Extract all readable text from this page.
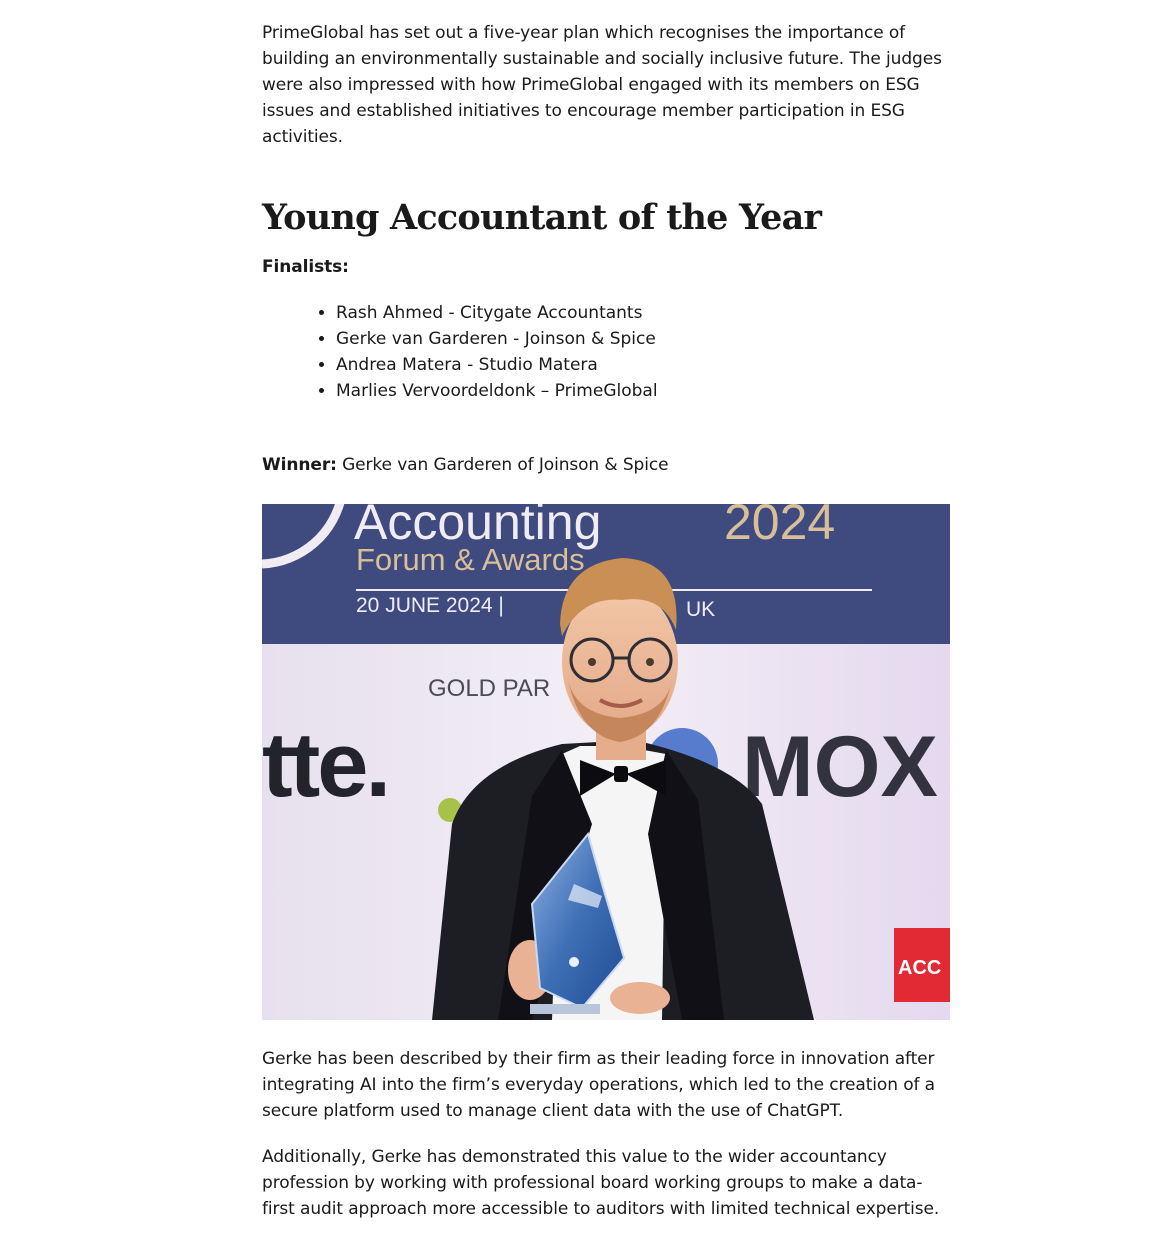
PrimeGlobal has set out a five-year plan which recognises the importance of building an environmentally sustainable and socially inclusive future. The judges were also impressed with how PrimeGlobal engaged with its members on ESG issues and established initiatives to encourage member participation in ESG activities.

Young Accountant of the Year

Finalists:

• Rash Ahmed - Citygate Accountants
• Gerke van Garderen - Joinson & Spice
• Andrea Matera - Studio Matera
• Marlies Vervoordeldonk – PrimeGlobal

Winner: Gerke van Garderen of Joinson & Spice

Accounting 2024
Forum & Awards
20 JUNE 2024 |	UK
GOLD PAR
tte.	MOX
ACC

Gerke has been described by their firm as their leading force in innovation after integrating AI into the firm’s everyday operations, which led to the creation of a secure platform used to manage client data with the use of ChatGPT.

Additionally, Gerke has demonstrated this value to the wider accountancy profession by working with professional board working groups to make a data-first audit approach more accessible to auditors with limited technical expertise.
